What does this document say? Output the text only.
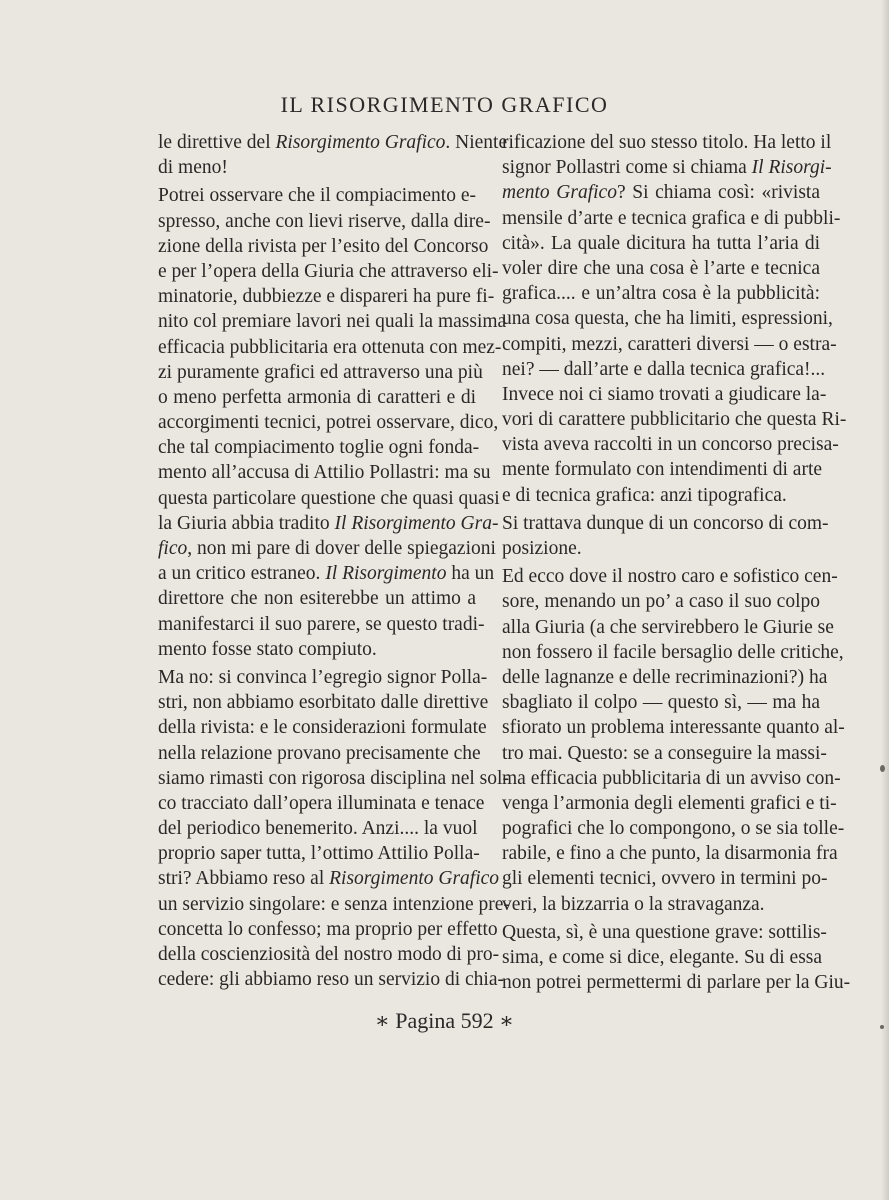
IL RISORGIMENTO GRAFICO
le direttive del Risorgimento Grafico. Niente
di meno!
Potrei osservare che il compiacimento e-
spresso, anche con lievi riserve, dalla dire-
zione della rivista per l’esito del Concorso
e per l’opera della Giuria che attraverso eli-
minatorie, dubbiezze e dispareri ha pure fi-
nito col premiare lavori nei quali la massima
efficacia pubblicitaria era ottenuta con mez-
zi puramente grafici ed attraverso una più
o meno perfetta armonia di caratteri e di
accorgimenti tecnici, potrei osservare, dico,
che tal compiacimento toglie ogni fonda-
mento all’accusa di Attilio Pollastri: ma su
questa particolare questione che quasi quasi
la Giuria abbia tradito Il Risorgimento Gra-
fico, non mi pare di dover delle spiegazioni
a un critico estraneo. Il Risorgimento ha un
direttore che non esiterebbe un attimo a
manifestarci il suo parere, se questo tradi-
mento fosse stato compiuto.
Ma no: si convinca l’egregio signor Polla-
stri, non abbiamo esorbitato dalle direttive
della rivista: e le considerazioni formulate
nella relazione provano precisamente che
siamo rimasti con rigorosa disciplina nel sol-
co tracciato dall’opera illuminata e tenace
del periodico benemerito. Anzi.... la vuol
proprio saper tutta, l’ottimo Attilio Polla-
stri? Abbiamo reso al Risorgimento Grafico
un servizio singolare: e senza intenzione pre-
concetta lo confesso; ma proprio per effetto
della coscienziosità del nostro modo di pro-
cedere: gli abbiamo reso un servizio di chia-
rificazione del suo stesso titolo. Ha letto il
signor Pollastri come si chiama Il Risorgi-
mento Grafico? Si chiama così: «rivista
mensile d’arte e tecnica grafica e di pubbli-
cità». La quale dicitura ha tutta l’aria di
voler dire che una cosa è l’arte e tecnica
grafica.... e un’altra cosa è la pubblicità:
una cosa questa, che ha limiti, espressioni,
compiti, mezzi, caratteri diversi — o estra-
nei? — dall’arte e dalla tecnica grafica!...
Invece noi ci siamo trovati a giudicare la-
vori di carattere pubblicitario che questa Ri-
vista aveva raccolti in un concorso precisa-
mente formulato con intendimenti di arte
e di tecnica grafica: anzi tipografica.
Si trattava dunque di un concorso di com-
posizione.
Ed ecco dove il nostro caro e sofistico cen-
sore, menando un po’ a caso il suo colpo
alla Giuria (a che servirebbero le Giurie se
non fossero il facile bersaglio delle critiche,
delle lagnanze e delle recriminazioni?) ha
sbagliato il colpo — questo sì, — ma ha
sfiorato un problema interessante quanto al-
tro mai. Questo: se a conseguire la massi-
ma efficacia pubblicitaria di un avviso con-
venga l’armonia degli elementi grafici e ti-
pografici che lo compongono, o se sia tolle-
rabile, e fino a che punto, la disarmonia fra
gli elementi tecnici, ovvero in termini po-
veri, la bizzarria o la stravaganza.
Questa, sì, è una questione grave: sottilis-
sima, e come si dice, elegante. Su di essa
non potrei permettermi di parlare per la Giu-
∗ Pagina 592 ∗
